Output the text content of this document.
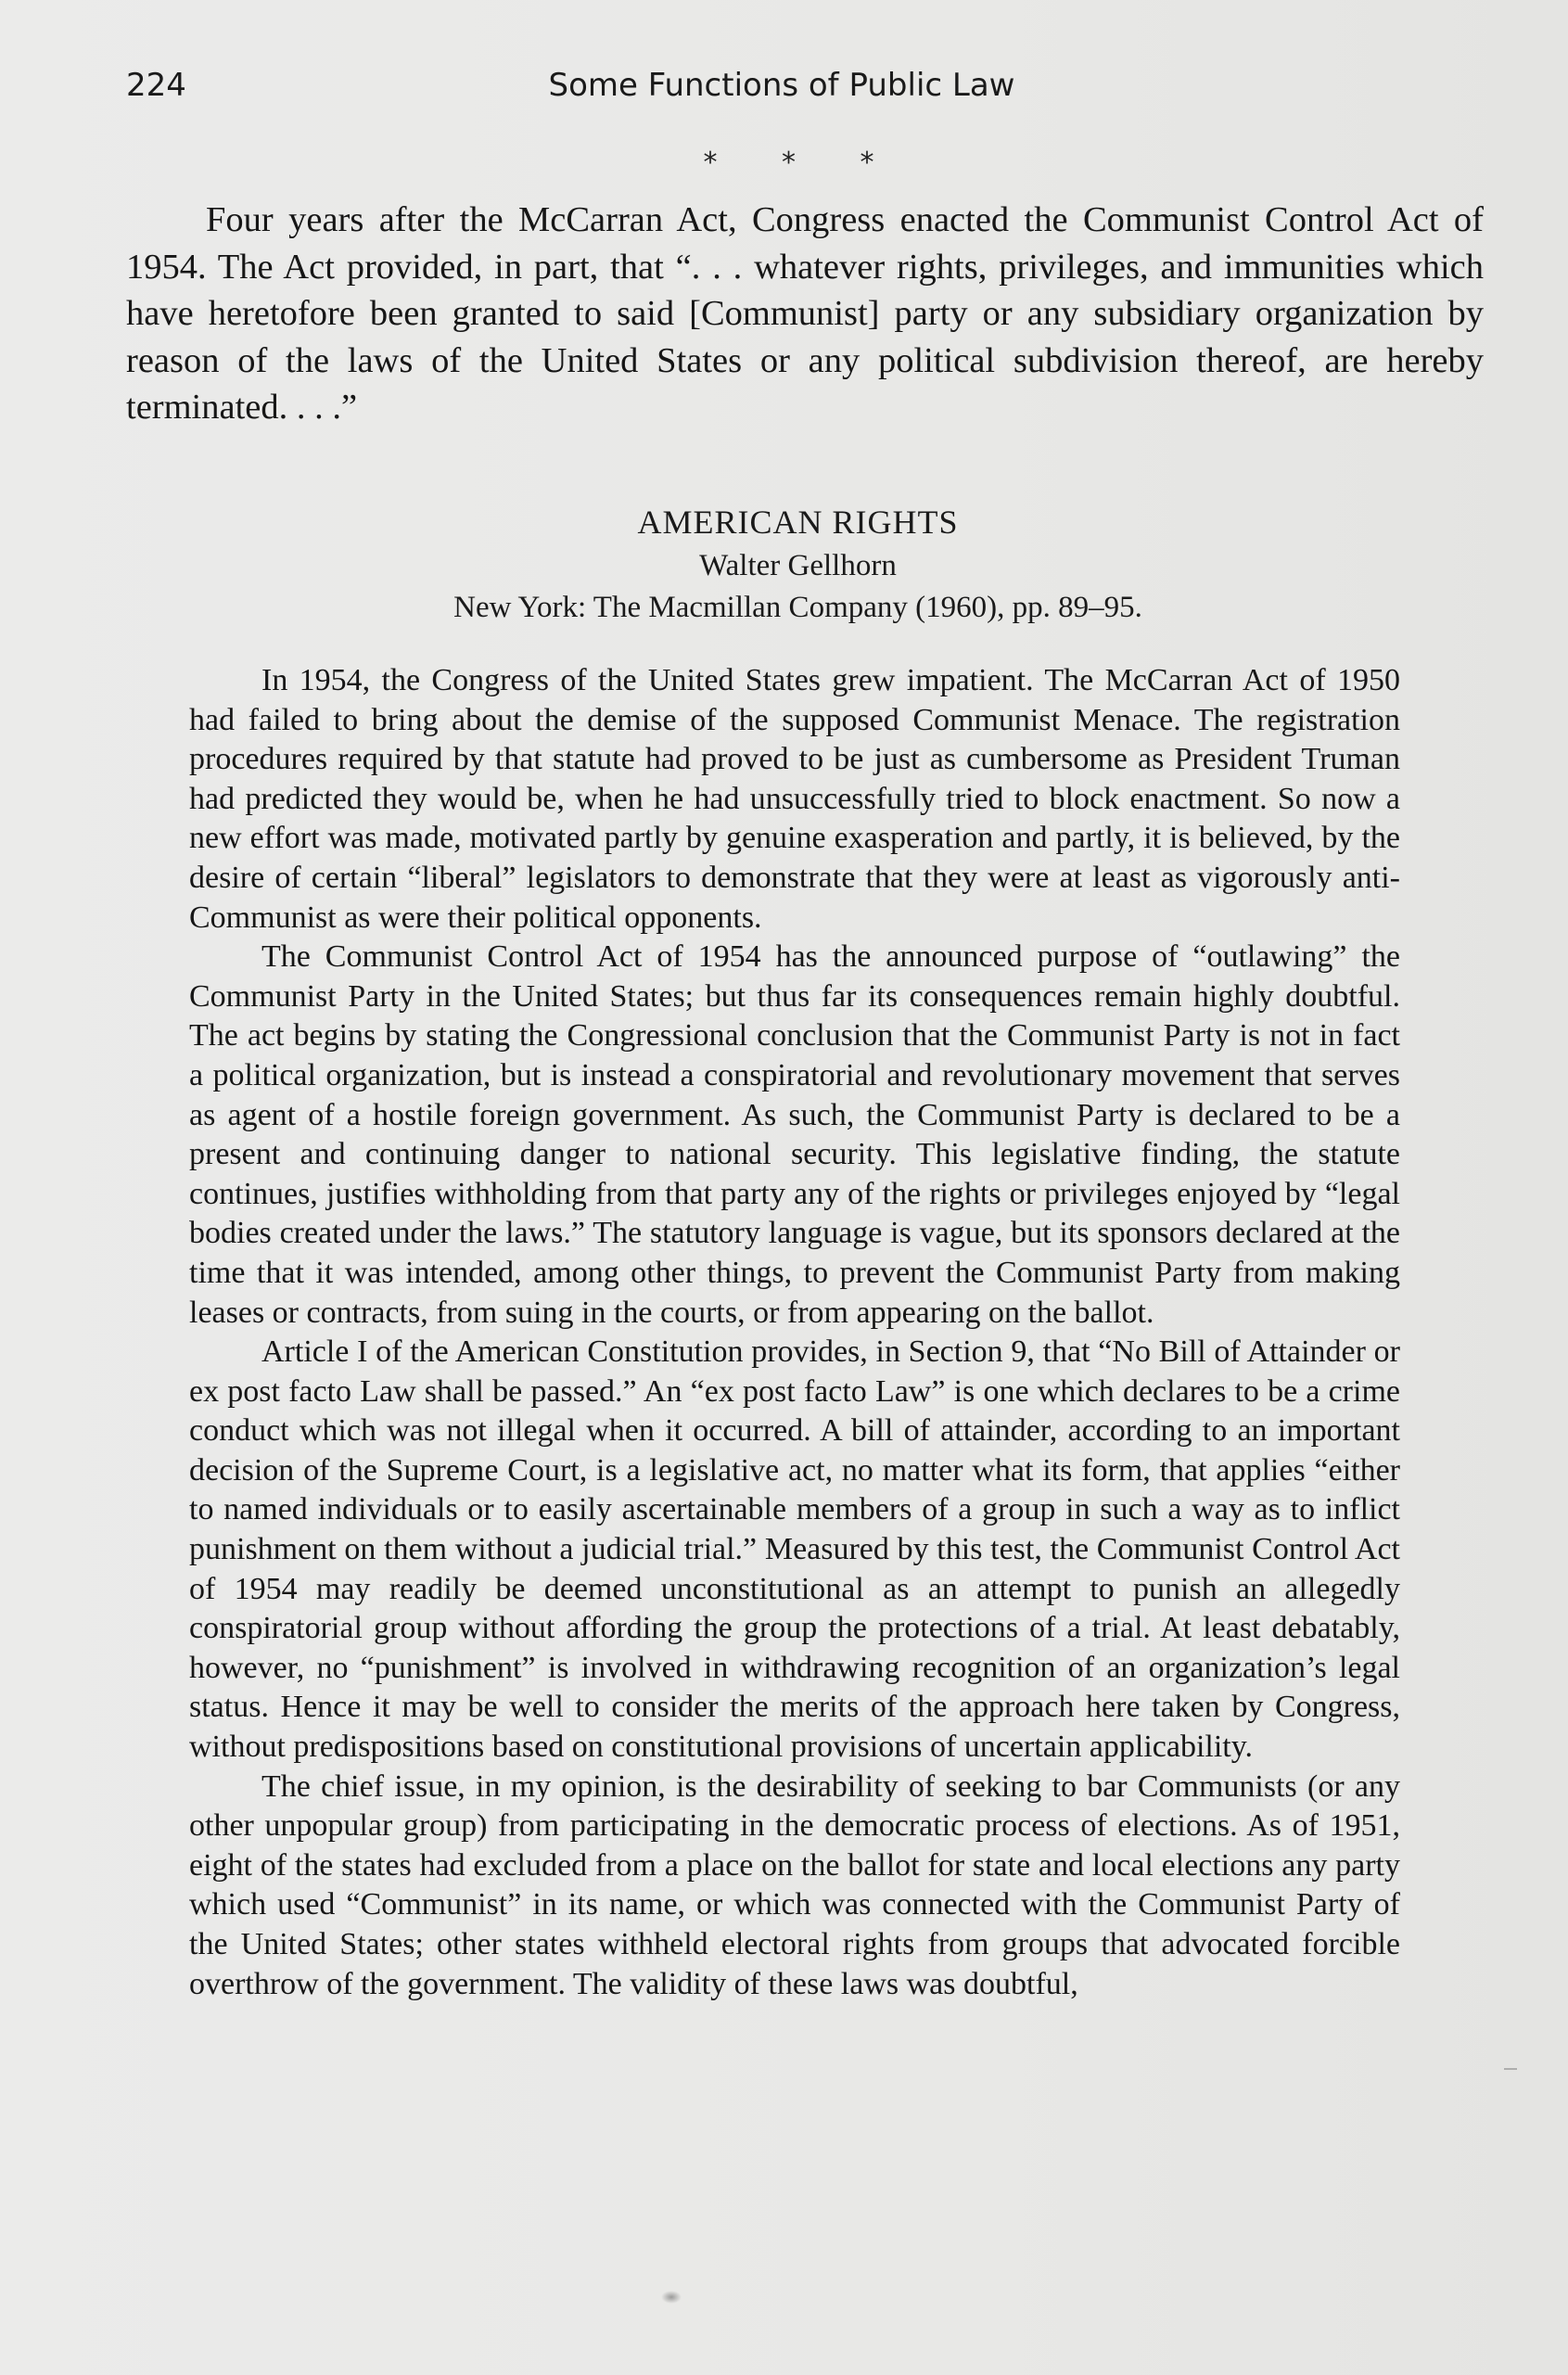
224	Some Functions of Public Law
* * *

Four years after the McCarran Act, Congress enacted the Communist Control Act of 1954. The Act provided, in part, that “. . . whatever rights, privileges, and immunities which have heretofore been granted to said [Communist] party or any subsidiary organization by reason of the laws of the United States or any political subdivision thereof, are hereby terminated. . . .”

AMERICAN RIGHTS
Walter Gellhorn
New York: The Macmillan Company (1960), pp. 89–95.

In 1954, the Congress of the United States grew impatient. The McCarran Act of 1950 had failed to bring about the demise of the supposed Communist Menace. The registration procedures required by that statute had proved to be just as cumbersome as President Truman had predicted they would be, when he had unsuccessfully tried to block enactment. So now a new effort was made, motivated partly by genuine exasperation and partly, it is believed, by the desire of certain “liberal” legislators to demonstrate that they were at least as vigorously anti-Communist as were their political opponents.

The Communist Control Act of 1954 has the announced purpose of “outlawing” the Communist Party in the United States; but thus far its consequences remain highly doubtful. The act begins by stating the Congressional conclusion that the Communist Party is not in fact a political organization, but is instead a conspiratorial and revolutionary movement that serves as agent of a hostile foreign government. As such, the Communist Party is declared to be a present and continuing danger to national security. This legislative finding, the statute continues, justifies withholding from that party any of the rights or privileges enjoyed by “legal bodies created under the laws.” The statutory language is vague, but its sponsors declared at the time that it was intended, among other things, to prevent the Communist Party from making leases or contracts, from suing in the courts, or from appearing on the ballot.

Article I of the American Constitution provides, in Section 9, that “No Bill of Attainder or ex post facto Law shall be passed.” An “ex post facto Law” is one which declares to be a crime conduct which was not illegal when it occurred. A bill of attainder, according to an important decision of the Supreme Court, is a legislative act, no matter what its form, that applies “either to named individuals or to easily ascertainable members of a group in such a way as to inflict punishment on them without a judicial trial.” Measured by this test, the Communist Control Act of 1954 may readily be deemed unconstitutional as an attempt to punish an allegedly conspiratorial group without affording the group the protections of a trial. At least debatably, however, no “punishment” is involved in withdrawing recognition of an organization’s legal status. Hence it may be well to consider the merits of the approach here taken by Congress, without predispositions based on constitutional provisions of uncertain applicability.

The chief issue, in my opinion, is the desirability of seeking to bar Communists (or any other unpopular group) from participating in the democratic process of elections. As of 1951, eight of the states had excluded from a place on the ballot for state and local elections any party which used “Communist” in its name, or which was connected with the Communist Party of the United States; other states withheld electoral rights from groups that advocated forcible overthrow of the government. The validity of these laws was doubtful,
